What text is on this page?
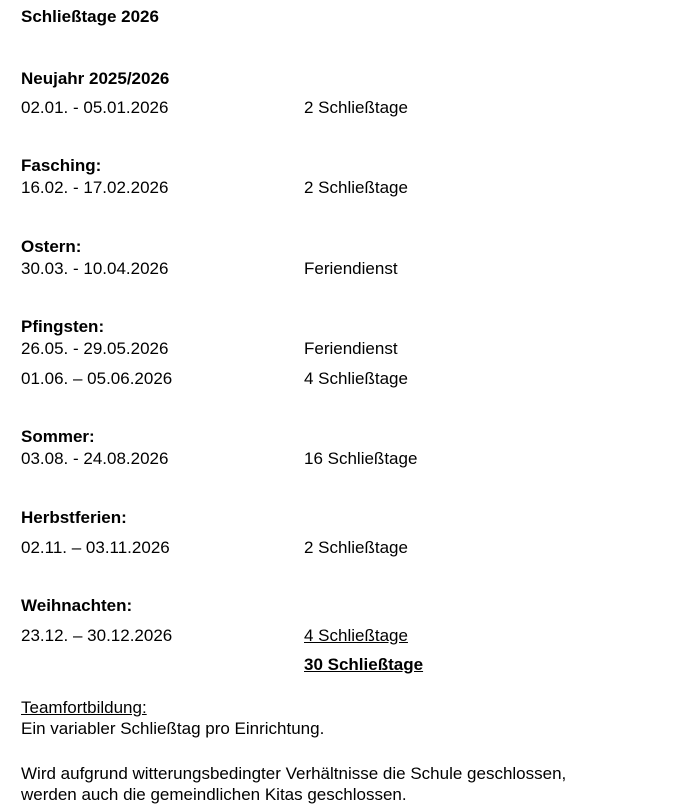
Schließtage 2026
Neujahr 2025/2026
02.01. - 05.01.2026	2 Schließtage
Fasching:
16.02. - 17.02.2026	2 Schließtage
Ostern:
30.03. - 10.04.2026	Feriendienst
Pfingsten:
26.05. - 29.05.2026	Feriendienst
01.06. – 05.06.2026	4 Schließtage
Sommer:
03.08. - 24.08.2026	16 Schließtage
Herbstferien:
02.11. – 03.11.2026	2 Schließtage
Weihnachten:
23.12. – 30.12.2026	4 Schließtage
30 Schließtage
Teamfortbildung:
Ein variabler Schließtag pro Einrichtung.
Wird aufgrund witterungsbedingter Verhältnisse die Schule geschlossen,
werden auch die gemeindlichen Kitas geschlossen.
